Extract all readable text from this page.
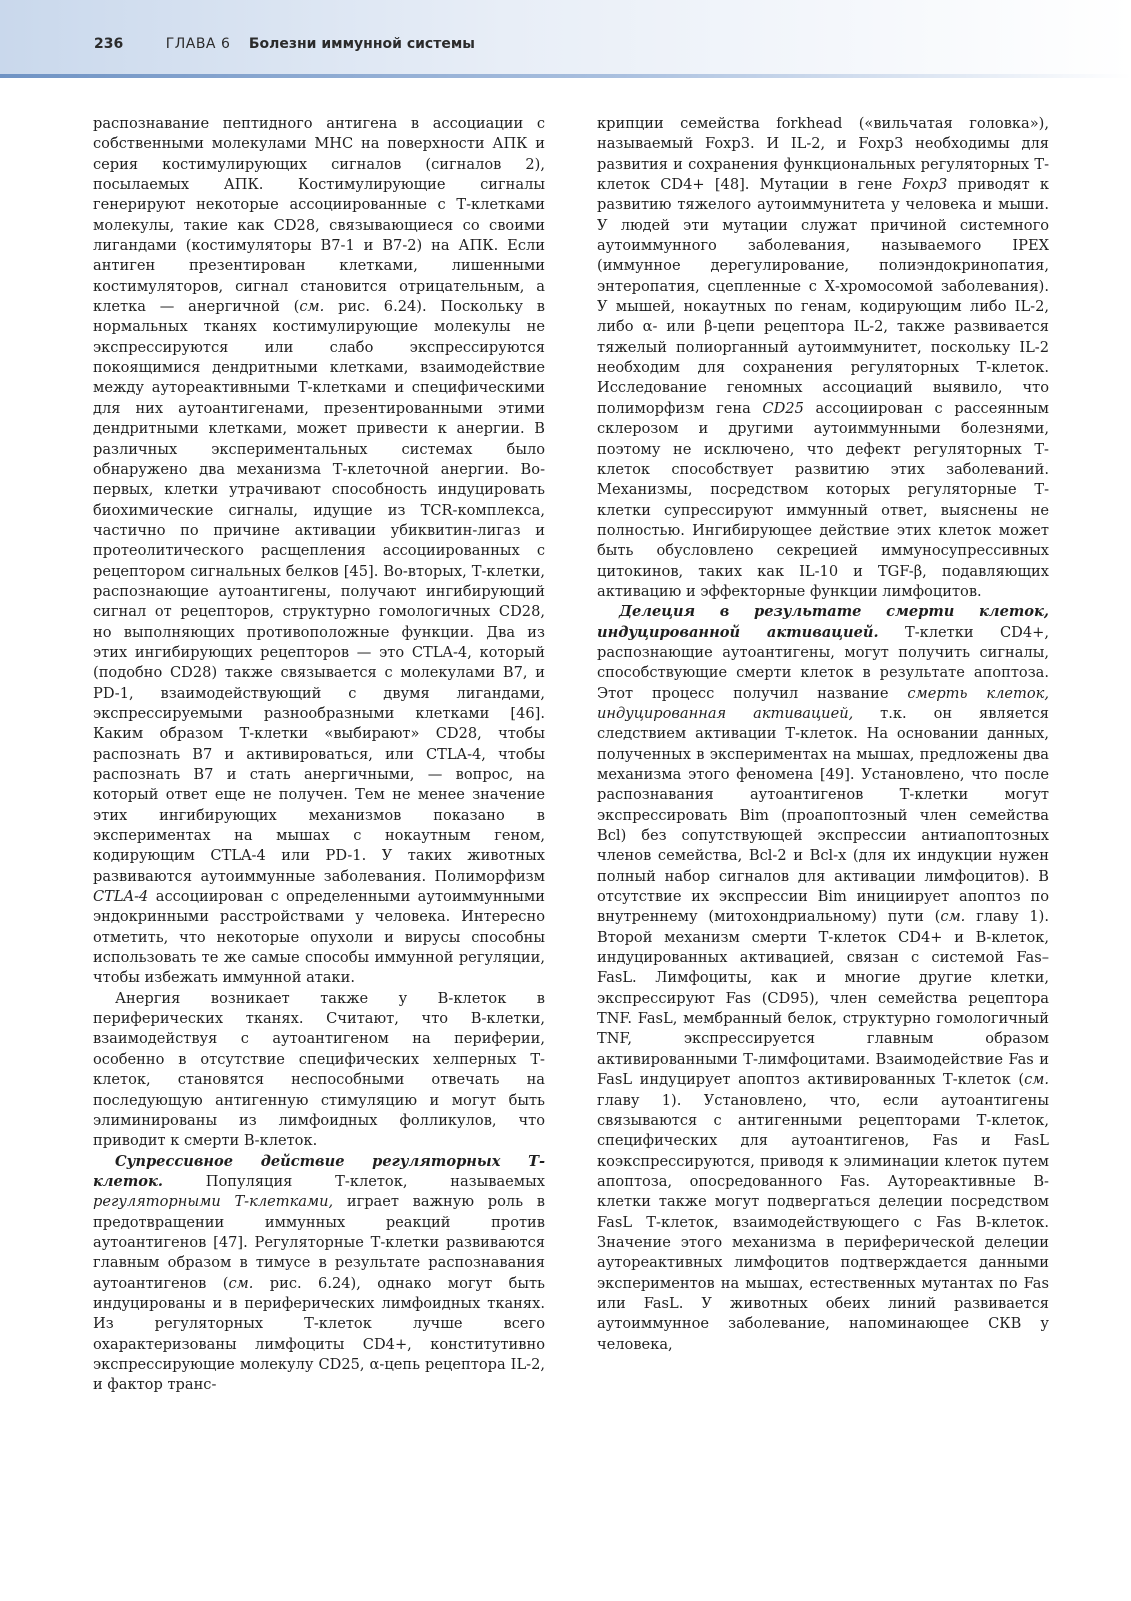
236	ГЛАВА 6 Болезни иммунной системы

распознавание пептидного антигена в ассоциации с собственными молекулами МНС на поверхности АПК и серия костимулирующих сигналов (сигналов 2), посылаемых АПК. Костимулирующие сигналы генерируют некоторые ассоциированные с Т-клетками молекулы, такие как CD28, связывающиеся со своими лигандами (костимуляторы В7-1 и В7-2) на АПК. Если антиген презентирован клетками, лишенными костимуляторов, сигнал становится отрицательным, а клетка — анергичной (см. рис. 6.24). Поскольку в нормальных тканях костимулирующие молекулы не экспрессируются или слабо экспрессируются покоящимися дендритными клетками, взаимодействие между аутореактивными Т-клетками и специфическими для них аутоантигенами, презентированными этими дендритными клетками, может привести к анергии. В различных экспериментальных системах было обнаружено два механизма Т-клеточной анергии. Во-первых, клетки утрачивают способность индуцировать биохимические сигналы, идущие из TCR-комплекса, частично по причине активации убиквитин-лигаз и протеолитического расщепления ассоциированных с рецептором сигнальных белков [45]. Во-вторых, Т-клетки, распознающие аутоантигены, получают ингибирующий сигнал от рецепторов, структурно гомологичных CD28, но выполняющих противоположные функции. Два из этих ингибирующих рецепторов — это CTLA-4, который (подобно CD28) также связывается с молекулами В7, и PD-1, взаимодействующий с двумя лигандами, экспрессируемыми разнообразными клетками [46]. Каким образом Т-клетки «выбирают» CD28, чтобы распознать В7 и активироваться, или CTLA-4, чтобы распознать В7 и стать анергичными, — вопрос, на который ответ еще не получен. Тем не менее значение этих ингибирующих механизмов показано в экспериментах на мышах с нокаутным геном, кодирующим CTLA-4 или PD-1. У таких животных развиваются аутоиммунные заболевания. Полиморфизм CTLA-4 ассоциирован с определенными аутоиммунными эндокринными расстройствами у человека. Интересно отметить, что некоторые опухоли и вирусы способны использовать те же самые способы иммунной регуляции, чтобы избежать иммунной атаки.

Анергия возникает также у В-клеток в периферических тканях. Считают, что В-клетки, взаимодействуя с аутоантигеном на периферии, особенно в отсутствие специфических хелперных Т-клеток, становятся неспособными отвечать на последующую антигенную стимуляцию и могут быть элиминированы из лимфоидных фолликулов, что приводит к смерти В-клеток.

Супрессивное действие регуляторных Т-клеток. Популяция Т-клеток, называемых регуляторными Т-клетками, играет важную роль в предотвращении иммунных реакций против аутоантигенов [47]. Регуляторные Т-клетки развиваются главным образом в тимусе в результате распознавания аутоантигенов (см. рис. 6.24), однако могут быть индуцированы и в периферических лимфоидных тканях. Из регуляторных Т-клеток лучше всего охарактеризованы лимфоциты CD4+, конститутивно экспрессирующие молекулу CD25, α-цепь рецептора IL-2, и фактор транс-

крипции семейства forkhead («вильчатая головка»), называемый Foxp3. И IL-2, и Foxp3 необходимы для развития и сохранения функциональных регуляторных Т-клеток CD4+ [48]. Мутации в гене Foxp3 приводят к развитию тяжелого аутоиммунитета у человека и мыши. У людей эти мутации служат причиной системного аутоиммунного заболевания, называемого IPEX (иммунное дерегулирование, полиэндокринопатия, энтеропатия, сцепленные с Х-хромосомой заболевания). У мышей, нокаутных по генам, кодирующим либо IL-2, либо α- или β-цепи рецептора IL-2, также развивается тяжелый полиорганный аутоиммунитет, поскольку IL-2 необходим для сохранения регуляторных Т-клеток. Исследование геномных ассоциаций выявило, что полиморфизм гена CD25 ассоциирован с рассеянным склерозом и другими аутоиммунными болезнями, поэтому не исключено, что дефект регуляторных Т-клеток способствует развитию этих заболеваний. Механизмы, посредством которых регуляторные Т-клетки супрессируют иммунный ответ, выяснены не полностью. Ингибирующее действие этих клеток может быть обусловлено секрецией иммуносупрессивных цитокинов, таких как IL-10 и TGF-β, подавляющих активацию и эффекторные функции лимфоцитов.

Делеция в результате смерти клеток, индуцированной активацией. Т-клетки CD4+, распознающие аутоантигены, могут получить сигналы, способствующие смерти клеток в результате апоптоза. Этот процесс получил название смерть клеток, индуцированная активацией, т.к. он является следствием активации Т-клеток. На основании данных, полученных в экспериментах на мышах, предложены два механизма этого феномена [49]. Установлено, что после распознавания аутоантигенов Т-клетки могут экспрессировать Bim (проапоптозный член семейства Bcl) без сопутствующей экспрессии антиапоптозных членов семейства, Bcl-2 и Bcl-x (для их индукции нужен полный набор сигналов для активации лимфоцитов). В отсутствие их экспрессии Bim инициирует апоптоз по внутреннему (митохондриальному) пути (см. главу 1). Второй механизм смерти Т-клеток CD4+ и В-клеток, индуцированных активацией, связан с системой Fas–FasL. Лимфоциты, как и многие другие клетки, экспрессируют Fas (CD95), член семейства рецептора TNF. FasL, мембранный белок, структурно гомологичный TNF, экспрессируется главным образом активированными Т-лимфоцитами. Взаимодействие Fas и FasL индуцирует апоптоз активированных Т-клеток (см. главу 1). Установлено, что, если аутоантигены связываются с антигенными рецепторами Т-клеток, специфических для аутоантигенов, Fas и FasL коэкспрессируются, приводя к элиминации клеток путем апоптоза, опосредованного Fas. Аутореактивные В-клетки также могут подвергаться делеции посредством FasL Т-клеток, взаимодействующего с Fas В-клеток. Значение этого механизма в периферической делеции аутореактивных лимфоцитов подтверждается данными экспериментов на мышах, естественных мутантах по Fas или FasL. У животных обеих линий развивается аутоиммунное заболевание, напоминающее СКВ у человека,
